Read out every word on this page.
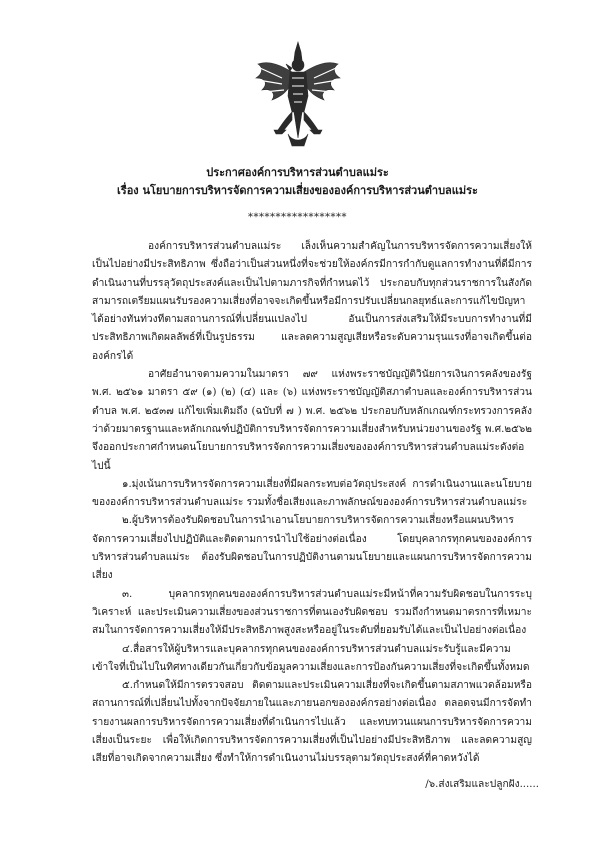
ประกาศองค์การบริหารส่วนตำบลแม่ระ
เรื่อง นโยบายการบริหารจัดการความเสี่ยงขององค์การบริหารส่วนตำบลแม่ระ
******************

องค์การบริหารส่วนตำบลแม่ระ เล็งเห็นความสำคัญในการบริหารจัดการความเสี่ยงให้เป็นไปอย่างมีประสิทธิภาพ ซึ่งถือว่าเป็นส่วนหนึ่งที่จะช่วยให้องค์กรมีการกำกับดูแลการทำงานที่ดีมีการดำเนินงานที่บรรลุวัตถุประสงค์และเป็นไปตามภารกิจที่กำหนดไว้ ประกอบกับทุกส่วนราชการในสังกัดสามารถเตรียมแผนรับรองความเสี่ยงที่อาจจะเกิดขึ้นหรือมีการปรับเปลี่ยนกลยุทธ์และการแก้ไขปัญหาได้อย่างทันท่วงทีตามสถานการณ์ที่เปลี่ยนแปลงไป อันเป็นการส่งเสริมให้มีระบบการทำงานที่มีประสิทธิภาพเกิดผลลัพธ์ที่เป็นรูปธรรม และลดความสูญเสียหรือระดับความรุนแรงที่อาจเกิดขึ้นต่อองค์กรได้

อาศัยอำนาจตามความในมาตรา ๗๙ แห่งพระราชบัญญัติวินัยการเงินการคลังของรัฐ พ.ศ. ๒๕๖๑ มาตรา ๕๙ (๑) (๒) (๔) และ (๖) แห่งพระราชบัญญัติสภาตำบลและองค์การบริหารส่วนตำบล พ.ศ. ๒๕๓๗ แก้ไขเพิ่มเติมถึง (ฉบับที่ ๗ ) พ.ศ. ๒๕๖๒ ประกอบกับหลักเกณฑ์กระทรวงการคลังว่าด้วยมาตรฐานและหลักเกณฑ์ปฏิบัติการบริหารจัดการความเสี่ยงสำหรับหน่วยงานของรัฐ พ.ศ.๒๕๖๒ จึงออกประกาศกำหนดนโยบายการบริหารจัดการความเสี่ยงขององค์การบริหารส่วนตำบลแม่ระดังต่อไปนี้

๑.มุ่งเน้นการบริหารจัดการความเสี่ยงที่มีผลกระทบต่อวัตถุประสงค์ การดำเนินงานและนโยบายขององค์การบริหารส่วนตำบลแม่ระ รวมทั้งชื่อเสียงและภาพลักษณ์ขององค์การบริหารส่วนตำบลแม่ระ

๒.ผู้บริหารต้องรับผิดชอบในการนำเอานโยบายการบริหารจัดการความเสี่ยงหรือแผนบริหารจัดการความเสี่ยงไปปฏิบัติและติดตามการนำไปใช้อย่างต่อเนื่อง โดยบุคลากรทุกคนขององค์การบริหารส่วนตำบลแม่ระ ต้องรับผิดชอบในการปฏิบัติงานตามนโยบายและแผนการบริหารจัดการความเสี่ยง

๓. บุคลากรทุกคนขององค์การบริหารส่วนตำบลแม่ระมีหน้าที่ความรับผิดชอบในการระบุ วิเคราะห์ และประเมินความเสี่ยงของส่วนราชการที่ตนเองรับผิดชอบ รวมถึงกำหนดมาตรการที่เหมาะสมในการจัดการความเสี่ยงให้มีประสิทธิภาพสูงสะหรืออยู่ในระดับที่ยอมรับได้และเป็นไปอย่างต่อเนื่อง

๔.สื่อสารให้ผู้บริหารและบุคลากรทุกคนขององค์การบริหารส่วนตำบลแม่ระรับรู้และมีความเข้าใจที่เป็นไปในทิศทางเดียวกันเกี่ยวกับข้อมูลความเสี่ยงและการป้องกันความเสี่ยงที่จะเกิดขึ้นทั้งหมด

๕.กำหนดให้มีการตรวจสอบ ติดตามและประเมินความเสี่ยงที่จะเกิดขึ้นตามสภาพแวดล้อมหรือสถานการณ์ที่เปลี่ยนไปทั้งจากปัจจัยภายในและภายนอกขององค์กรอย่างต่อเนื่อง ตลอดจนมีการจัดทำรายงานผลการบริหารจัดการความเสี่ยงที่ดำเนินการไปแล้ว และทบทวนแผนการบริหารจัดการความเสี่ยงเป็นระยะ เพื่อให้เกิดการบริหารจัดการความเสี่ยงที่เป็นไปอย่างมีประสิทธิภาพ และลดความสูญเสียที่อาจเกิดจากความเสี่ยง ซึ่งทำให้การดำเนินงานไม่บรรลุตามวัตถุประสงค์ที่คาดหวังได้

/๖.ส่งเสริมและปลูกฝัง......
